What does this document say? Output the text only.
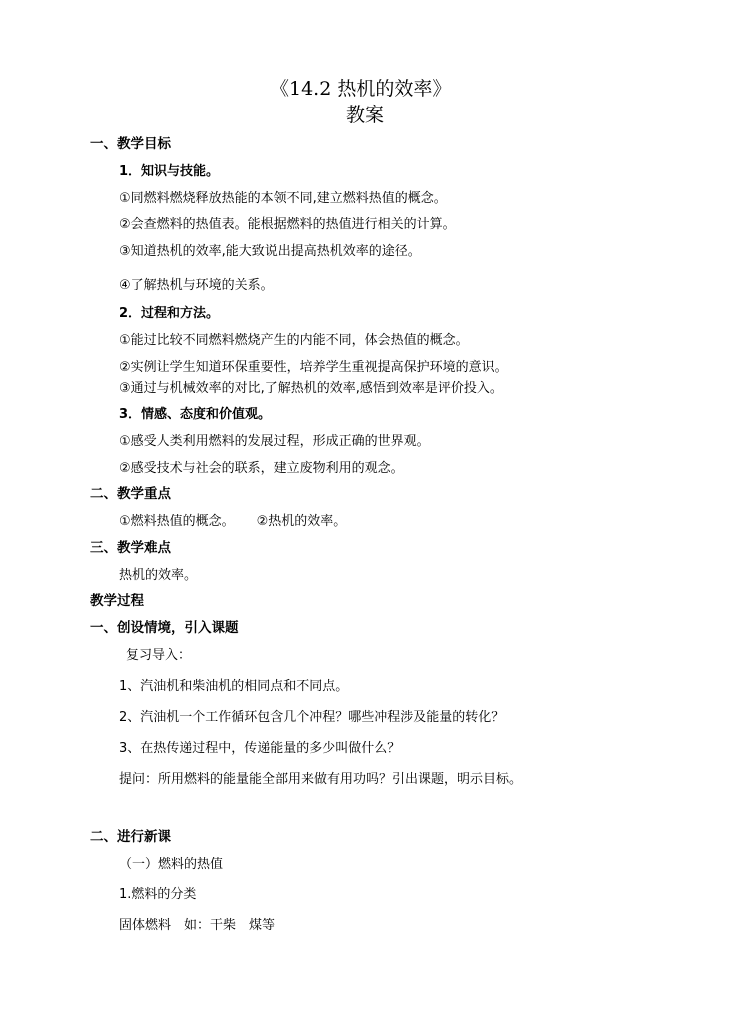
《14.2 热机的效率》
教案
一、教学目标
1．知识与技能。
①同燃料燃烧释放热能的本领不同,建立燃料热值的概念。
②会查燃料的热值表。能根据燃料的热值进行相关的计算。
③知道热机的效率,能大致说出提高热机效率的途径。
④了解热机与环境的关系。
2．过程和方法。
①能过比较不同燃料燃烧产生的内能不同，体会热值的概念。
②实例让学生知道环保重要性，培养学生重视提高保护环境的意识。
③通过与机械效率的对比,了解热机的效率,感悟到效率是评价投入。
3．情感、态度和价值观。
①感受人类利用燃料的发展过程，形成正确的世界观。
②感受技术与社会的联系，建立废物利用的观念。
二、教学重点
①燃料热值的概念。 ②热机的效率。
三、教学难点
热机的效率。
教学过程
一、创设情境，引入课题
复习导入：
1、汽油机和柴油机的相同点和不同点。
2、汽油机一个工作循环包含几个冲程？哪些冲程涉及能量的转化？
3、在热传递过程中，传递能量的多少叫做什么？
提问：所用燃料的能量能全部用来做有用功吗？引出课题，明示目标。
二、进行新课
（一）燃料的热值
1.燃料的分类
固体燃料　如：干柴　煤等
